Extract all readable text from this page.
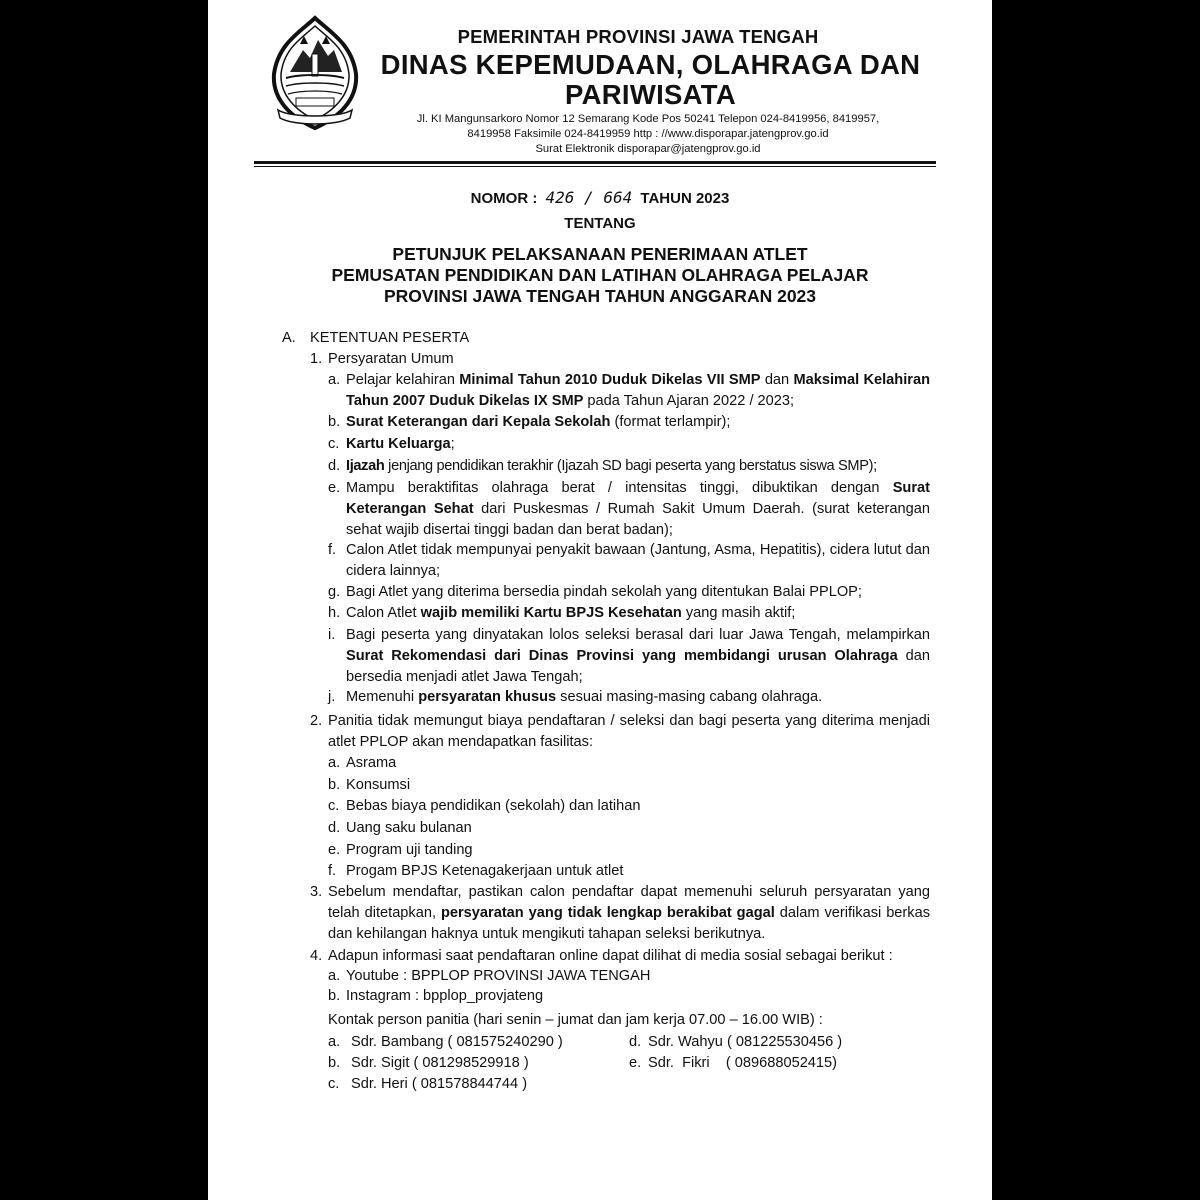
PEMERINTAH PROVINSI JAWA TENGAH
DINAS KEPEMUDAAN, OLAHRAGA DAN PARIWISATA
Jl. KI Mangunsarkoro Nomor 12 Semarang Kode Pos 50241 Telepon 024-8419956, 8419957,
8419958 Faksimile 024-8419959 http : //www.disporapar.jatengprov.go.id
Surat Elektronik disporapar@jatengprov.go.id
NOMOR : 426 / 664 TAHUN 2023
TENTANG
PETUNJUK PELAKSANAAN PENERIMAAN ATLET
PEMUSATAN PENDIDIKAN DAN LATIHAN OLAHRAGA PELAJAR
PROVINSI JAWA TENGAH TAHUN ANGGARAN 2023
A. KETENTUAN PESERTA
1. Persyaratan Umum
a. Pelajar kelahiran Minimal Tahun 2010 Duduk Dikelas VII SMP dan Maksimal Kelahiran Tahun 2007 Duduk Dikelas IX SMP pada Tahun Ajaran 2022 / 2023;
b. Surat Keterangan dari Kepala Sekolah (format terlampir);
c. Kartu Keluarga;
d. Ijazah jenjang pendidikan terakhir (Ijazah SD bagi peserta yang berstatus siswa SMP);
e. Mampu beraktifitas olahraga berat / intensitas tinggi, dibuktikan dengan Surat Keterangan Sehat dari Puskesmas / Rumah Sakit Umum Daerah. (surat keterangan sehat wajib disertai tinggi badan dan berat badan);
f. Calon Atlet tidak mempunyai penyakit bawaan (Jantung, Asma, Hepatitis), cidera lutut dan cidera lainnya;
g. Bagi Atlet yang diterima bersedia pindah sekolah yang ditentukan Balai PPLOP;
h. Calon Atlet wajib memiliki Kartu BPJS Kesehatan yang masih aktif;
i. Bagi peserta yang dinyatakan lolos seleksi berasal dari luar Jawa Tengah, melampirkan Surat Rekomendasi dari Dinas Provinsi yang membidangi urusan Olahraga dan bersedia menjadi atlet Jawa Tengah;
j. Memenuhi persyaratan khusus sesuai masing-masing cabang olahraga.
2. Panitia tidak memungut biaya pendaftaran / seleksi dan bagi peserta yang diterima menjadi atlet PPLOP akan mendapatkan fasilitas:
a. Asrama
b. Konsumsi
c. Bebas biaya pendidikan (sekolah) dan latihan
d. Uang saku bulanan
e. Program uji tanding
f. Progam BPJS Ketenagakerjaan untuk atlet
3. Sebelum mendaftar, pastikan calon pendaftar dapat memenuhi seluruh persyaratan yang telah ditetapkan, persyaratan yang tidak lengkap berakibat gagal dalam verifikasi berkas dan kehilangan haknya untuk mengikuti tahapan seleksi berikutnya.
4. Adapun informasi saat pendaftaran online dapat dilihat di media sosial sebagai berikut :
a. Youtube : BPPLOP PROVINSI JAWA TENGAH
b. Instagram : bpplop_provjateng
Kontak person panitia (hari senin – jumat dan jam kerja 07.00 – 16.00 WIB) :
a. Sdr. Bambang ( 081575240290 )
b. Sdr. Sigit ( 081298529918 )
c. Sdr. Heri ( 081578844744 )
d. Sdr. Wahyu ( 081225530456 )
e. Sdr.  Fikri    ( 089688052415)
